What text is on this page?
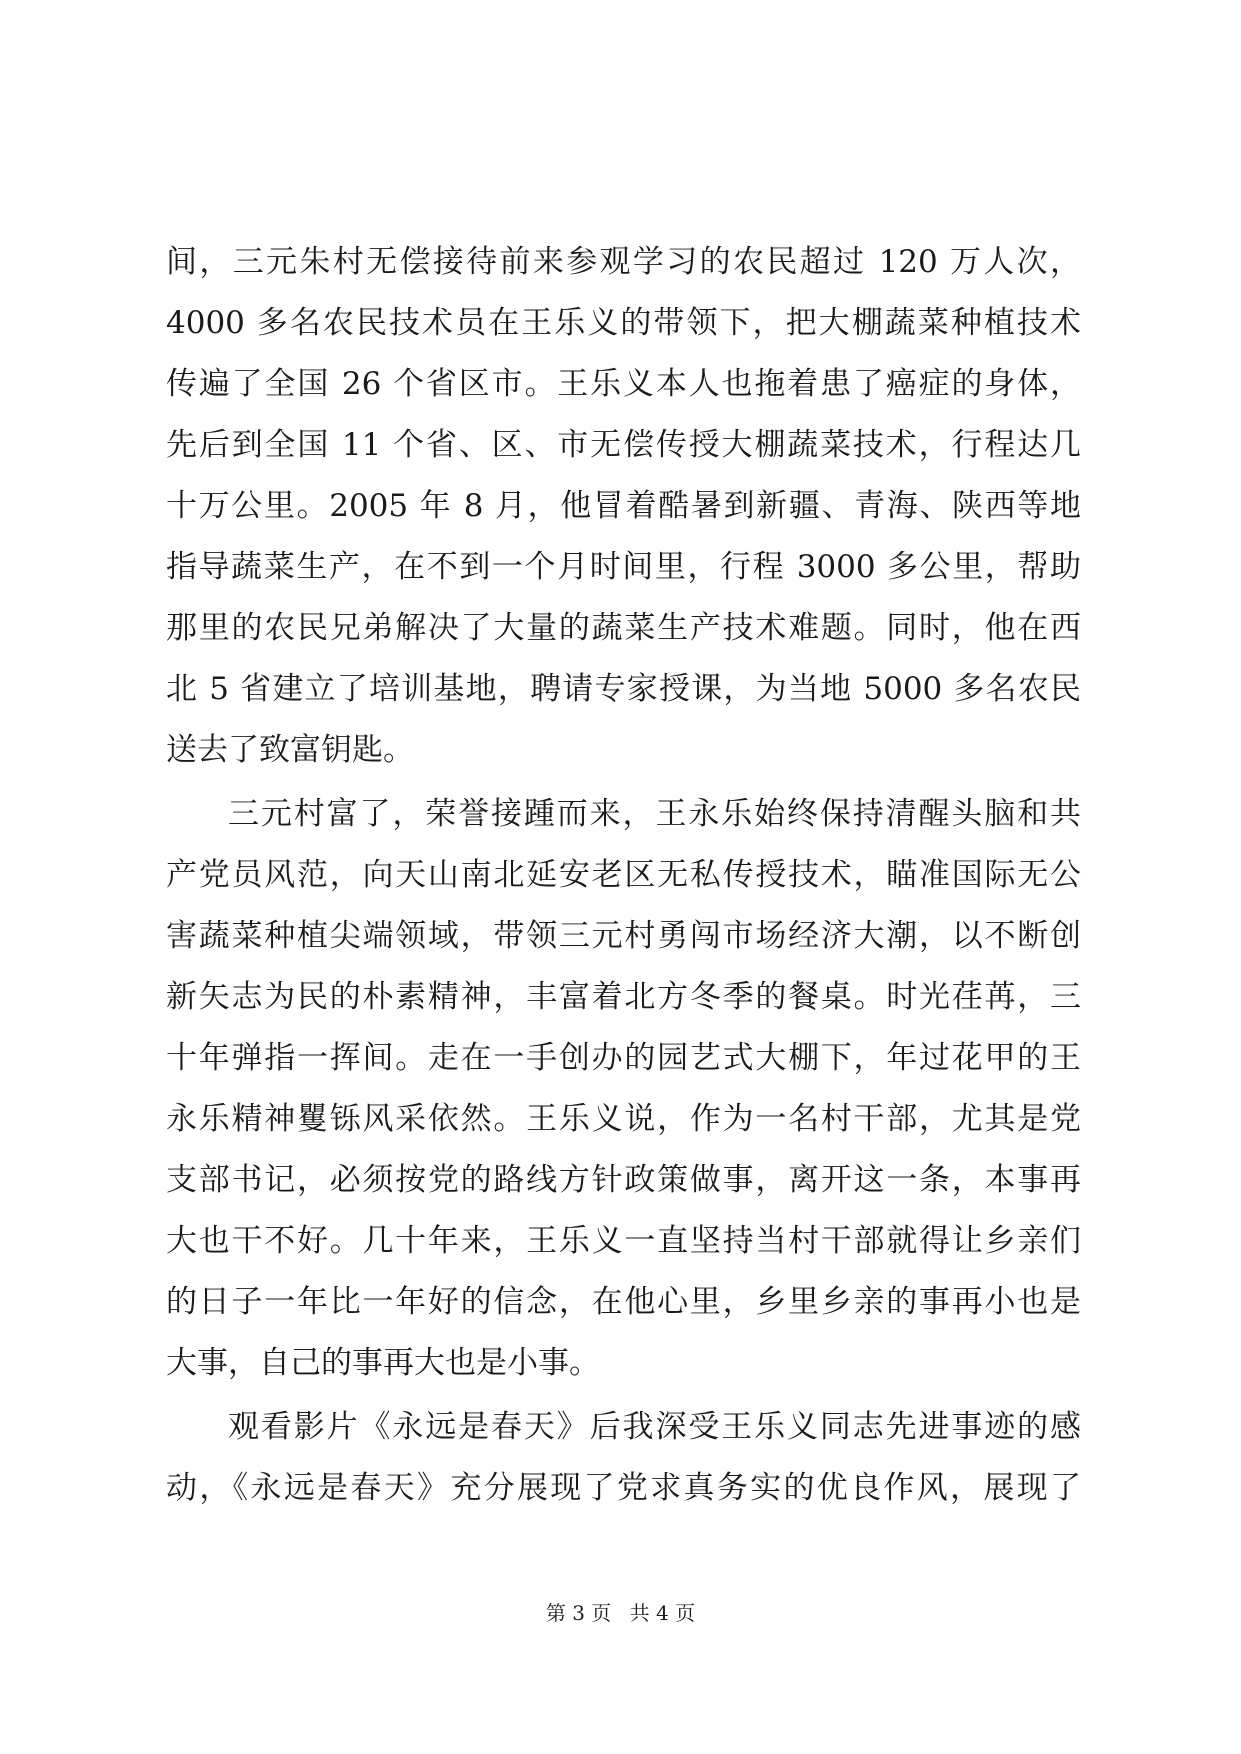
间，三元朱村无偿接待前来参观学习的农民超过 120 万人次，
4000 多名农民技术员在王乐义的带领下，把大棚蔬菜种植技术
传遍了全国 26 个省区市。王乐义本人也拖着患了癌症的身体，
先后到全国 11 个省、区、市无偿传授大棚蔬菜技术，行程达几
十万公里。2005 年 8 月，他冒着酷暑到新疆、青海、陕西等地
指导蔬菜生产，在不到一个月时间里，行程 3000 多公里，帮助
那里的农民兄弟解决了大量的蔬菜生产技术难题。同时，他在西
北 5 省建立了培训基地，聘请专家授课，为当地 5000 多名农民
送去了致富钥匙。
三元村富了，荣誉接踵而来，王永乐始终保持清醒头脑和共
产党员风范，向天山南北延安老区无私传授技术，瞄准国际无公
害蔬菜种植尖端领域，带领三元村勇闯市场经济大潮，以不断创
新矢志为民的朴素精神，丰富着北方冬季的餐桌。时光荏苒，三
十年弹指一挥间。走在一手创办的园艺式大棚下，年过花甲的王
永乐精神矍铄风采依然。王乐义说，作为一名村干部，尤其是党
支部书记，必须按党的路线方针政策做事，离开这一条，本事再
大也干不好。几十年来，王乐义一直坚持当村干部就得让乡亲们
的日子一年比一年好的信念，在他心里，乡里乡亲的事再小也是
大事，自己的事再大也是小事。
观看影片《永远是春天》后我深受王乐义同志先进事迹的感
动，《永远是春天》充分展现了党求真务实的优良作风，展现了
第 3 页 共 4 页
